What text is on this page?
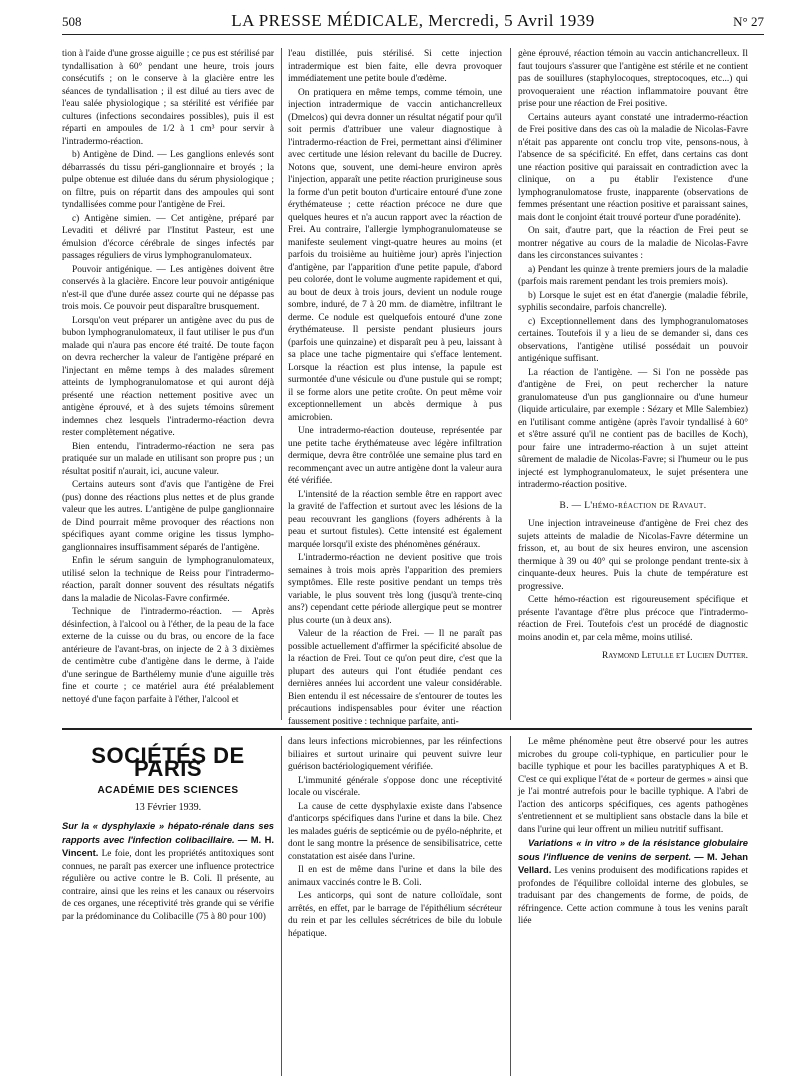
508	LA PRESSE MÉDICALE, Mercredi, 5 Avril 1939	N° 27

tion à l'aide d'une grosse aiguille ; ce pus est stérilisé par tyndallisation à 60° pendant une heure, trois jours consécutifs ; on le conserve à la glacière entre les séances de tyndallisation ; il est dilué au tiers avec de l'eau salée physiologique ; sa stérilité est vérifiée par cultures (infections secondaires possibles), puis il est réparti en ampoules de 1/2 à 1 cm³ pour servir à l'intradermo-réaction.

b) Antigène de Dind. — Les ganglions enlevés sont débarrassés du tissu péri-ganglionnaire et broyés ; la pulpe obtenue est diluée dans du sérum physiologique ; on filtre, puis on répartit dans des ampoules qui sont tyndallisées comme pour l'antigène de Frei.

c) Antigène simien. — Cet antigène, préparé par Levaditi et délivré par l'Institut Pasteur, est une émulsion d'écorce cérébrale de singes infectés par passages réguliers de virus lymphogranulomateux.

Pouvoir antigénique. — Les antigènes doivent être conservés à la glacière. Encore leur pouvoir antigénique n'est-il que d'une durée assez courte qui ne dépasse pas trois mois. Ce pouvoir peut disparaître brusquement.

Lorsqu'on veut préparer un antigène avec du pus de bubon lymphogranulomateux, il faut utiliser le pus d'un malade qui n'aura pas encore été traité. De toute façon on devra rechercher la valeur de l'antigène préparé en l'injectant en même temps à des malades sûrement atteints de lymphogranulomatose et qui auront déjà présenté une réaction nettement positive avec un antigène éprouvé, et à des sujets témoins sûrement indemnes chez lesquels l'intradermo-réaction devra rester complètement négative.

Bien entendu, l'intradermo-réaction ne sera pas pratiquée sur un malade en utilisant son propre pus ; un résultat positif n'aurait, ici, aucune valeur.

Certains auteurs sont d'avis que l'antigène de Frei (pus) donne des réactions plus nettes et de plus grande valeur que les autres. L'antigène de pulpe ganglionnaire de Dind pourrait même provoquer des réactions non spécifiques ayant comme origine les tissus lympho-ganglionnaires insuffisamment séparés de l'antigène.

Enfin le sérum sanguin de lymphogranulomateux, utilisé selon la technique de Reiss pour l'intradermo-réaction, paraît donner souvent des résultats négatifs dans la maladie de Nicolas-Favre confirmée.

Technique de l'intradermo-réaction. — Après désinfection, à l'alcool ou à l'éther, de la peau de la face externe de la cuisse ou du bras, ou encore de la face antérieure de l'avant-bras, on injecte de 2 à 3 dixièmes de centimètre cube d'antigène dans le derme, à l'aide d'une seringue de Barthélemy munie d'une aiguille très fine et courte ; ce matériel aura été préalablement nettoyé d'une façon parfaite à l'éther, l'alcool et

l'eau distillée, puis stérilisé. Si cette injection intradermique est bien faite, elle devra provoquer immédiatement une petite boule d'œdème.

On pratiquera en même temps, comme témoin, une injection intradermique de vaccin antichancrelleux (Dmelcos) qui devra donner un résultat négatif pour qu'il soit permis d'attribuer une valeur diagnostique à l'intradermo-réaction de Frei, permettant ainsi d'éliminer avec certitude une lésion relevant du bacille de Ducrey. Notons que, souvent, une demi-heure environ après l'injection, apparaît une petite réaction prurigineuse sous la forme d'un petit bouton d'urticaire entouré d'une zone érythémateuse ; cette réaction précoce ne dure que quelques heures et n'a aucun rapport avec la réaction de Frei. Au contraire, l'allergie lymphogranulomateuse se manifeste seulement vingt-quatre heures au moins (et parfois du troisième au huitième jour) après l'injection d'antigène, par l'apparition d'une petite papule, d'abord peu colorée, dont le volume augmente rapidement et qui, au bout de deux à trois jours, devient un nodule rouge sombre, induré, de 7 à 20 mm. de diamètre, infiltrant le derme. Ce nodule est quelquefois entouré d'une zone érythémateuse. Il persiste pendant plusieurs jours (parfois une quinzaine) et disparaît peu à peu, laissant à sa place une tache pigmentaire qui s'efface lentement. Lorsque la réaction est plus intense, la papule est surmontée d'une vésicule ou d'une pustule qui se rompt; il se forme alors une petite croûte. On peut même voir exceptionnellement un abcès dermique à pus amicrobien.

Une intradermo-réaction douteuse, représentée par une petite tache érythémateuse avec légère infiltration dermique, devra être contrôlée une semaine plus tard en recommençant avec un autre antigène dont la valeur aura été vérifiée.

L'intensité de la réaction semble être en rapport avec la gravité de l'affection et surtout avec les lésions de la peau recouvrant les ganglions (foyers adhérents à la peau et surtout fistules). Cette intensité est également marquée lorsqu'il existe des phénomènes généraux.

L'intradermo-réaction ne devient positive que trois semaines à trois mois après l'apparition des premiers symptômes. Elle reste positive pendant un temps très variable, le plus souvent très long (jusqu'à trente-cinq ans?) cependant cette période allergique peut se montrer plus courte (un à deux ans).

Valeur de la réaction de Frei. — Il ne paraît pas possible actuellement d'affirmer la spécificité absolue de la réaction de Frei. Tout ce qu'on peut dire, c'est que la plupart des auteurs qui l'ont étudiée pendant ces dernières années lui accordent une valeur considérable. Bien entendu il est nécessaire de s'entourer de toutes les précautions indispensables pour éviter une réaction faussement positive : technique parfaite, anti-

gène éprouvé, réaction témoin au vaccin antichancrelleux. Il faut toujours s'assurer que l'antigène est stérile et ne contient pas de souillures (staphylocoques, streptocoques, etc...) qui provoqueraient une réaction inflammatoire pouvant être prise pour une réaction de Frei positive.

Certains auteurs ayant constaté une intradermo-réaction de Frei positive dans des cas où la maladie de Nicolas-Favre n'était pas apparente ont conclu trop vite, pensons-nous, à l'absence de sa spécificité. En effet, dans certains cas dont une réaction positive qui paraissait en contradiction avec la clinique, on a pu établir l'existence d'une lymphogranulomatose fruste, inapparente (observations de femmes présentant une réaction positive et paraissant saines, mais dont le conjoint était trouvé porteur d'une poradénite).

On sait, d'autre part, que la réaction de Frei peut se montrer négative au cours de la maladie de Nicolas-Favre dans les circonstances suivantes :

a) Pendant les quinze à trente premiers jours de la maladie (parfois mais rarement pendant les trois premiers mois).

b) Lorsque le sujet est en état d'anergie (maladie fébrile, syphilis secondaire, parfois chancrelle).

c) Exceptionnellement dans des lymphogranulomatoses certaines. Toutefois il y a lieu de se demander si, dans ces observations, l'antigène utilisé possédait un pouvoir antigénique suffisant.

La réaction de l'antigène. — Si l'on ne possède pas d'antigène de Frei, on peut rechercher la nature granulomateuse d'un pus ganglionnaire ou d'une humeur (liquide articulaire, par exemple : Sézary et Mlle Salembiez) en l'utilisant comme antigène (après l'avoir tyndallisé à 60° et s'être assuré qu'il ne contient pas de bacilles de Koch), pour faire une intradermo-réaction à un sujet atteint sûrement de maladie de Nicolas-Favre; si l'humeur ou le pus injecté est lymphogranulomateux, le sujet présentera une intradermo-réaction positive.

B. — L'hémo-réaction de Ravaut.

Une injection intraveineuse d'antigène de Frei chez des sujets atteints de maladie de Nicolas-Favre détermine un frisson, et, au bout de six heures environ, une ascension thermique à 39 ou 40° qui se prolonge pendant trente-six à cinquante-deux heures. Puis la chute de température est progressive.

Cette hémo-réaction est rigoureusement spécifique et présente l'avantage d'être plus précoce que l'intradermo-réaction de Frei. Toutefois c'est un procédé de diagnostic moins anodin et, par cela même, moins utilisé.

Raymond Letulle et Lucien Dutter.
SOCIÉTÉS DE PARIS
ACADÉMIE DES SCIENCES
13 Février 1939.

Sur la « dysphylaxie » hépato-rénale dans ses rapports avec l'infection colibacillaire. — M. H. Vincent. Le foie, dont les propriétés antitoxiques sont connues, ne paraît pas exercer une influence protectrice régulière ou active contre le B. Coli. Il présente, au contraire, ainsi que les reins et les canaux ou réservoirs de ces organes, une réceptivité très grande qui se vérifie par la prédominance du Colibacille (75 à 80 pour 100)

dans leurs infections microbiennes, par les réinfections biliaires et surtout urinaire qui peuvent suivre leur guérison bactériologiquement vérifiée.

L'immunité générale s'oppose donc une réceptivité locale ou viscérale.

La cause de cette dysphylaxie existe dans l'absence d'anticorps spécifiques dans l'urine et dans la bile. Chez les malades guéris de septicémie ou de pyélo-néphrite, et dont le sang montre la présence de sensibilisatrice, cette constatation est aisée dans l'urine.

Il en est de même dans l'urine et dans la bile des animaux vaccinés contre le B. Coli.

Les anticorps, qui sont de nature colloïdale, sont arrêtés, en effet, par le barrage de l'épithélium sécréteur du rein et par les cellules sécrétrices de bile du lobule hépatique.

Le même phénomène peut être observé pour les autres microbes du groupe coli-typhique, en particulier pour le bacille typhique et pour les bacilles paratyphiques A et B. C'est ce qui explique l'état de « porteur de germes » ainsi que je l'ai montré autrefois pour le bacille typhique. A l'abri de l'action des anticorps spécifiques, ces agents pathogènes s'entretiennent et se multiplient sans obstacle dans la bile et dans l'urine qui leur offrent un milieu nutritif suffisant.

Variations « in vitro » de la résistance globulaire sous l'influence de venins de serpent. — M. Jehan Vellard. Les venins produisent des modifications rapides et profondes de l'équilibre colloïdal interne des globules, se traduisant par des changements de forme, de poids, de réfringence. Cette action commune à tous les venins paraît liée
